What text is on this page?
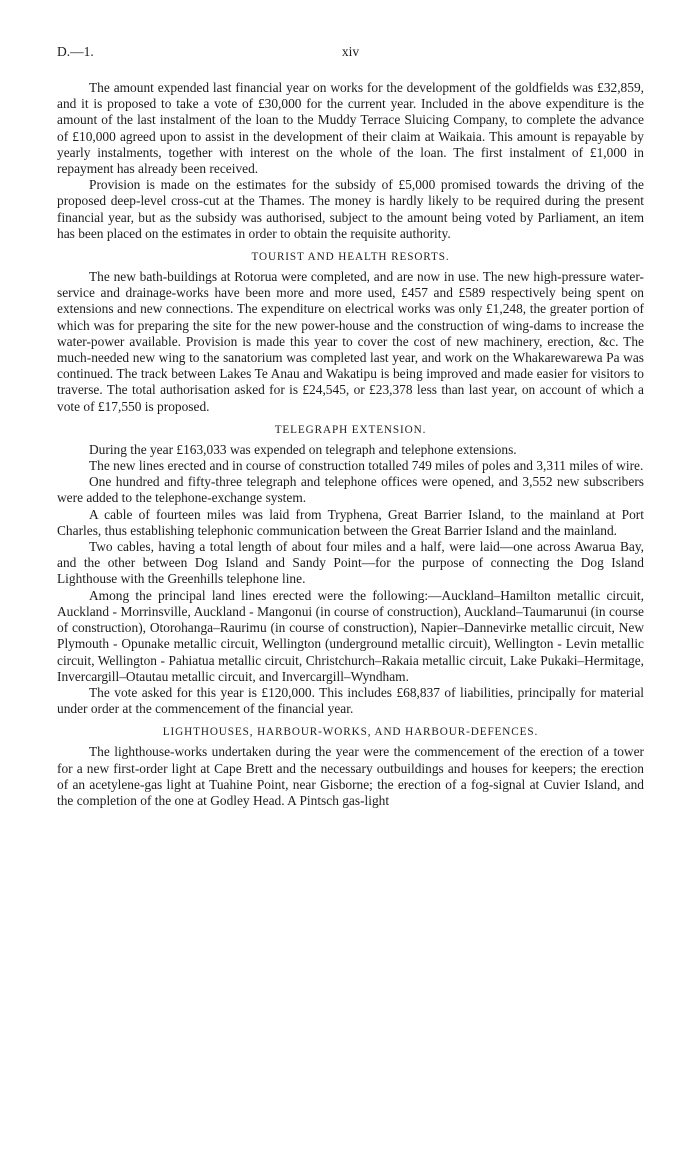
D.—1.	xiv

The amount expended last financial year on works for the development of the goldfields was £32,859, and it is proposed to take a vote of £30,000 for the current year. Included in the above expenditure is the amount of the last instalment of the loan to the Muddy Terrace Sluicing Company, to complete the advance of £10,000 agreed upon to assist in the development of their claim at Waikaia. This amount is repayable by yearly instalments, together with interest on the whole of the loan. The first instalment of £1,000 in repayment has already been received.

Provision is made on the estimates for the subsidy of £5,000 promised towards the driving of the proposed deep-level cross-cut at the Thames. The money is hardly likely to be required during the present financial year, but as the subsidy was authorised, subject to the amount being voted by Parliament, an item has been placed on the estimates in order to obtain the requisite authority.

TOURIST AND HEALTH RESORTS.

The new bath-buildings at Rotorua were completed, and are now in use. The new high-pressure water-service and drainage-works have been more and more used, £457 and £589 respectively being spent on extensions and new connections. The expenditure on electrical works was only £1,248, the greater portion of which was for preparing the site for the new power-house and the construction of wing-dams to increase the water-power available. Provision is made this year to cover the cost of new machinery, erection, &c. The much-needed new wing to the sanatorium was completed last year, and work on the Whakarewarewa Pa was continued. The track between Lakes Te Anau and Wakatipu is being improved and made easier for visitors to traverse. The total authorisation asked for is £24,545, or £23,378 less than last year, on account of which a vote of £17,550 is proposed.

TELEGRAPH EXTENSION.

During the year £163,033 was expended on telegraph and telephone extensions.

The new lines erected and in course of construction totalled 749 miles of poles and 3,311 miles of wire.

One hundred and fifty-three telegraph and telephone offices were opened, and 3,552 new subscribers were added to the telephone-exchange system.

A cable of fourteen miles was laid from Tryphena, Great Barrier Island, to the mainland at Port Charles, thus establishing telephonic communication between the Great Barrier Island and the mainland.

Two cables, having a total length of about four miles and a half, were laid—one across Awarua Bay, and the other between Dog Island and Sandy Point—for the purpose of connecting the Dog Island Lighthouse with the Greenhills telephone line.

Among the principal land lines erected were the following:—Auckland–Hamilton metallic circuit, Auckland - Morrinsville, Auckland - Mangonui (in course of construction), Auckland–Taumarunui (in course of construction), Otorohanga–Raurimu (in course of construction), Napier–Dannevirke metallic circuit, New Plymouth - Opunake metallic circuit, Wellington (underground metallic circuit), Wellington - Levin metallic circuit, Wellington - Pahiatua metallic circuit, Christchurch–Rakaia metallic circuit, Lake Pukaki–Hermitage, Invercargill–Otautau metallic circuit, and Invercargill–Wyndham.

The vote asked for this year is £120,000. This includes £68,837 of liabilities, principally for material under order at the commencement of the financial year.

LIGHTHOUSES, HARBOUR-WORKS, AND HARBOUR-DEFENCES.

The lighthouse-works undertaken during the year were the commencement of the erection of a tower for a new first-order light at Cape Brett and the necessary outbuildings and houses for keepers; the erection of an acetylene-gas light at Tuahine Point, near Gisborne; the erection of a fog-signal at Cuvier Island, and the completion of the one at Godley Head. A Pintsch gas-light
